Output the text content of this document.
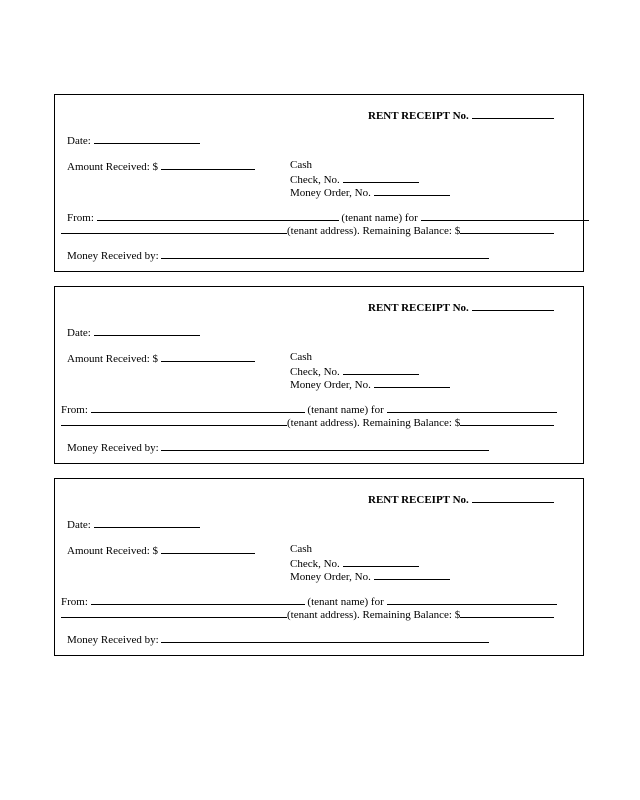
RENT RECEIPT No.
Date:
Amount Received: $	Cash
Check, No.
Money Order, No.
From:	(tenant name) for
(tenant address). Remaining Balance: $
Money Received by:
RENT RECEIPT No.
Date:
Amount Received: $	Cash
Check, No.
Money Order, No.
From:	(tenant name) for
(tenant address). Remaining Balance: $
Money Received by:
RENT RECEIPT No.
Date:
Amount Received: $	Cash
Check, No.
Money Order, No.
From:	(tenant name) for
(tenant address). Remaining Balance: $
Money Received by:
